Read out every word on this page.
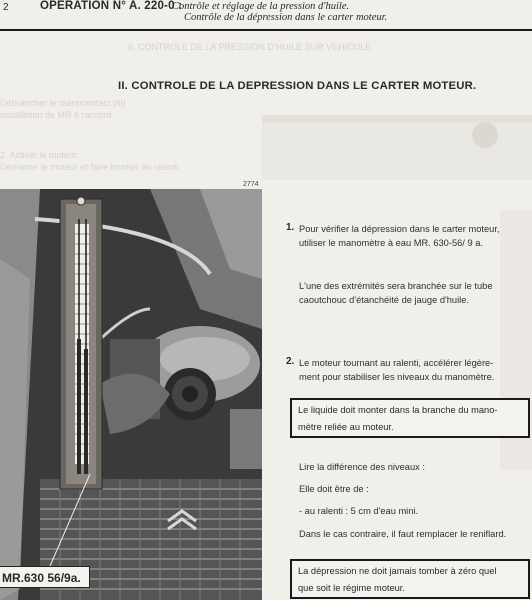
II. CONTROLE DE LA PRESSION D'HUILE SUR VEHICULE
Débrancher le manocontact (fil)
installation de MR 6 raccord
2. Activer le moteur.
Démarrer le moteur et faire tourner au ralenti
2	OPERATION N° A. 220-0 :
Contrôle et réglage de la pression d'huile.
Contrôle de la dépression dans le carter moteur.
II. CONTROLE DE LA DEPRESSION DANS LE CARTER MOTEUR.
2774
MR.630 56/9a.
1. Pour vérifier la dépression dans le carter moteur,
utiliser le manomètre à eau MR. 630-56/ 9 a.
L'une des extrémités sera branchée sur le tube
caoutchouc d'étanchéité de jauge d'huile.
2. Le moteur tournant au ralenti, accélérer légère-
ment pour stabiliser les niveaux du manomètre.
Le liquide doit monter dans la branche du mano-
mètre reliée au moteur.
Lire la différence des niveaux :
Elle doit être de :
- au ralenti : 5 cm d'eau mini.
Dans le cas contraire, il faut remplacer le reniflard.
La dépression ne doit jamais tomber à zéro quel
que soit le régime moteur.
